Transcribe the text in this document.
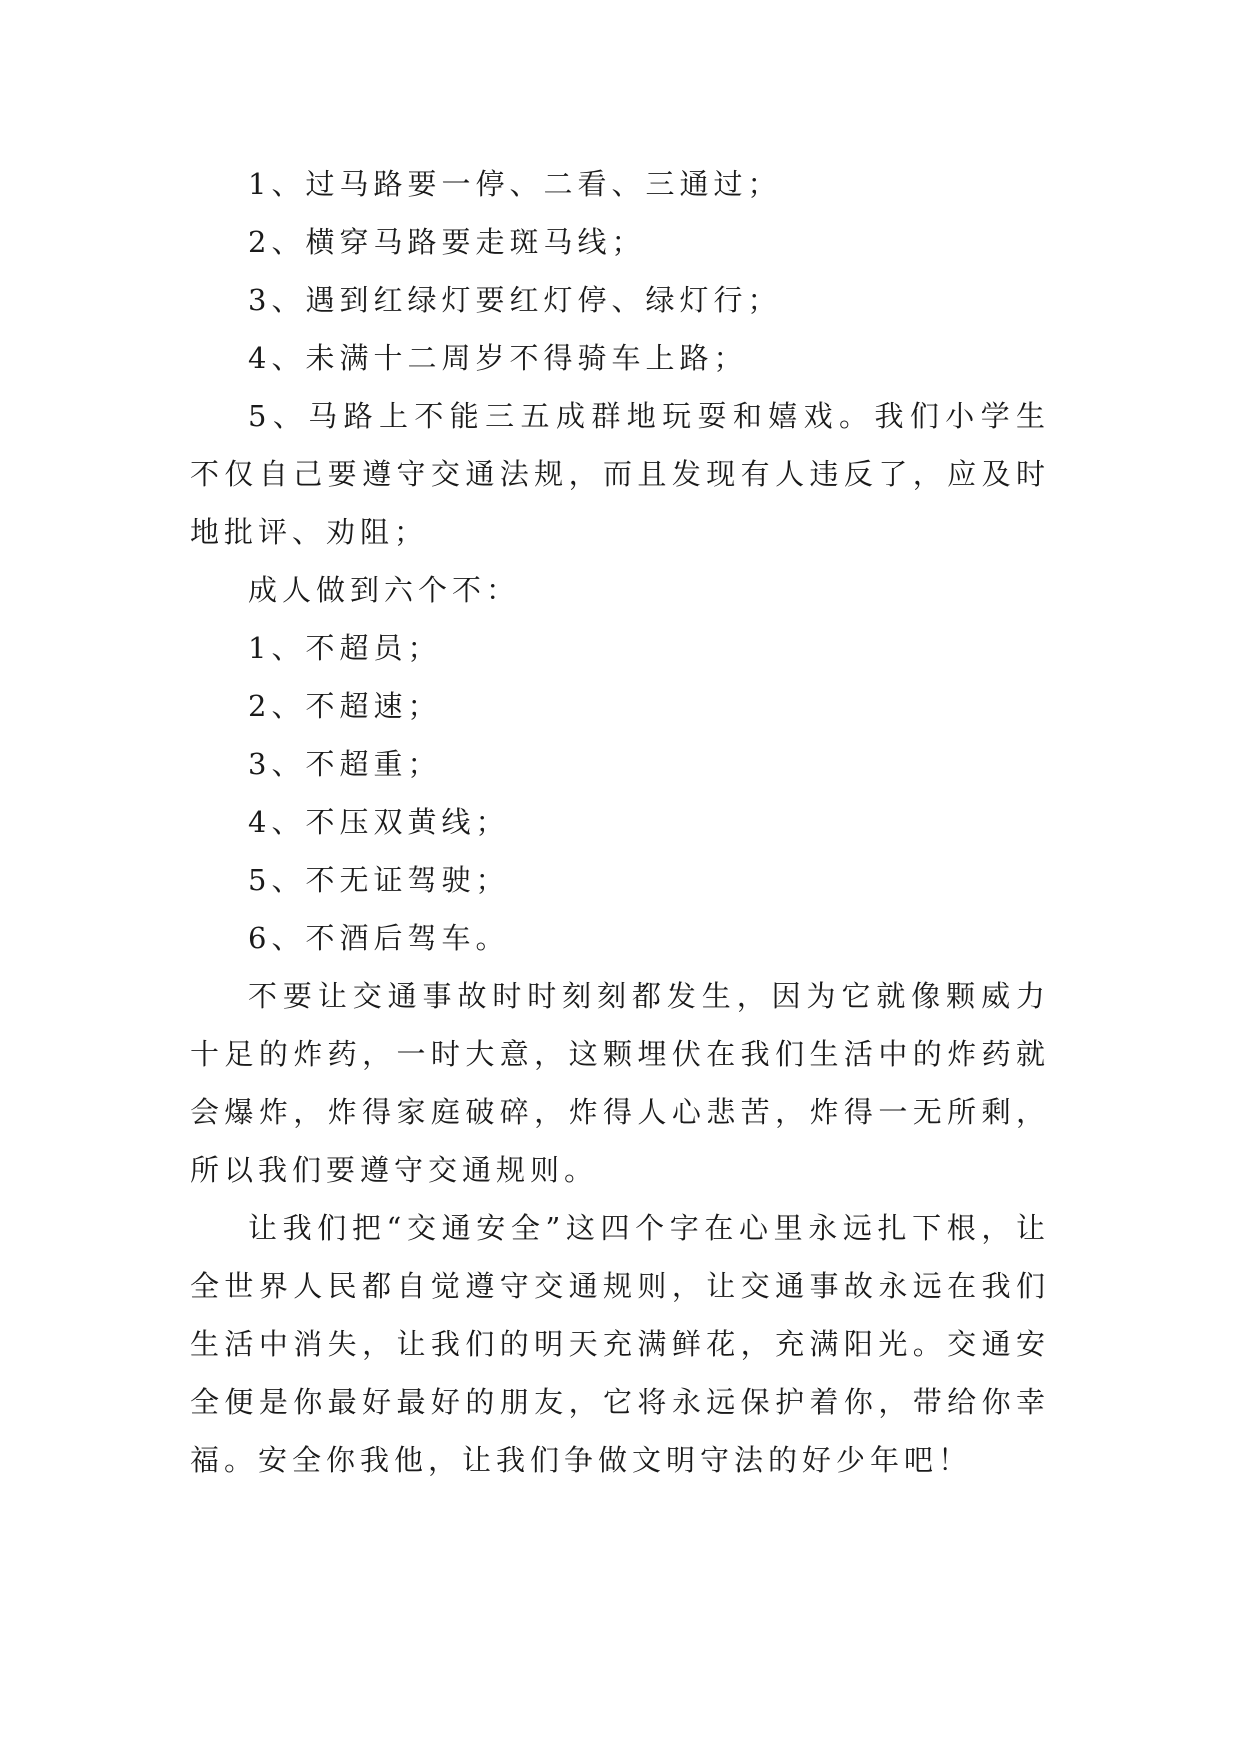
1、过马路要一停、二看、三通过；

2、横穿马路要走斑马线；

3、遇到红绿灯要红灯停、绿灯行；

4、未满十二周岁不得骑车上路；

5、马路上不能三五成群地玩耍和嬉戏。我们小学生不仅自己要遵守交通法规，而且发现有人违反了，应及时地批评、劝阻；

成人做到六个不：

1、不超员；

2、不超速；

3、不超重；

4、不压双黄线；

5、不无证驾驶；

6、不酒后驾车。

不要让交通事故时时刻刻都发生，因为它就像颗威力十足的炸药，一时大意，这颗埋伏在我们生活中的炸药就会爆炸，炸得家庭破碎，炸得人心悲苦，炸得一无所剩，所以我们要遵守交通规则。

让我们把“交通安全”这四个字在心里永远扎下根，让全世界人民都自觉遵守交通规则，让交通事故永远在我们生活中消失，让我们的明天充满鲜花，充满阳光。交通安全便是你最好最好的朋友，它将永远保护着你，带给你幸福。安全你我他，让我们争做文明守法的好少年吧！
